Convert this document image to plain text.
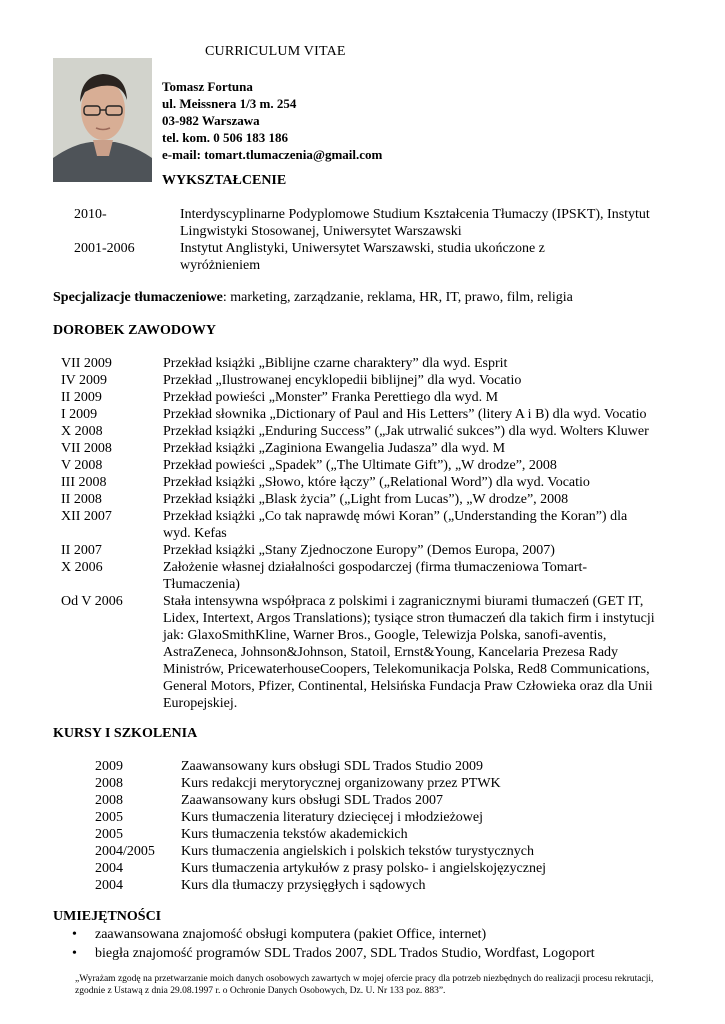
CURRICULUM VITAE
Tomasz Fortuna
ul. Meissnera 1/3 m. 254
03-982 Warszawa
tel. kom. 0 506 183 186
e-mail: tomart.tlumaczenia@gmail.com
WYKSZTAŁCENIE
2010-	Interdyscyplinarne Podyplomowe Studium Kształcenia Tłumaczy (IPSKT), Instytut Lingwistyki Stosowanej, Uniwersytet Warszawski
2001-2006	Instytut Anglistyki, Uniwersytet Warszawski, studia ukończone z wyróżnieniem
Specjalizacje tłumaczeniowe: marketing, zarządzanie, reklama, HR, IT, prawo, film, religia
DOROBEK ZAWODOWY
VII 2009	Przekład książki „Biblijne czarne charaktery” dla wyd. Esprit
IV 2009	Przekład „Ilustrowanej encyklopedii biblijnej” dla wyd. Vocatio
II 2009	Przekład powieści „Monster” Franka Perettiego dla wyd. M
I 2009	Przekład słownika „Dictionary of Paul and His Letters” (litery A i B) dla wyd. Vocatio
X 2008	Przekład książki „Enduring Success” („Jak utrwalić sukces”) dla wyd. Wolters Kluwer
VII 2008	Przekład książki „Zaginiona Ewangelia Judasza” dla wyd. M
V 2008	Przekład powieści „Spadek” („The Ultimate Gift”), „W drodze”, 2008
III 2008	Przekład książki „Słowo, które łączy” („Relational Word”) dla wyd. Vocatio
II 2008	Przekład książki „Blask życia” („Light from Lucas”), „W drodze”, 2008
XII 2007	Przekład książki „Co tak naprawdę mówi Koran” („Understanding the Koran”) dla wyd. Kefas
II 2007	Przekład książki „Stany Zjednoczone Europy” (Demos Europa, 2007)
X 2006	Założenie własnej działalności gospodarczej (firma tłumaczeniowa Tomart-Tłumaczenia)
Od V 2006	Stała intensywna współpraca z polskimi i zagranicznymi biurami tłumaczeń (GET IT, Lidex, Intertext, Argos Translations); tysiące stron tłumaczeń dla takich firm i instytucji jak: GlaxoSmithKline, Warner Bros., Google, Telewizja Polska, sanofi-aventis, AstraZeneca, Johnson&Johnson, Statoil, Ernst&Young, Kancelaria Prezesa Rady Ministrów, PricewaterhouseCoopers, Telekomunikacja Polska, Red8 Communications, General Motors, Pfizer, Continental, Helsińska Fundacja Praw Człowieka oraz dla Unii Europejskiej.
KURSY I SZKOLENIA
2009	Zaawansowany kurs obsługi SDL Trados Studio 2009
2008	Kurs redakcji merytorycznej organizowany przez PTWK
2008	Zaawansowany kurs obsługi SDL Trados 2007
2005	Kurs tłumaczenia literatury dziecięcej i młodzieżowej
2005	Kurs tłumaczenia tekstów akademickich
2004/2005 Kurs tłumaczenia angielskich i polskich tekstów turystycznych
2004	Kurs tłumaczenia artykułów z prasy polsko- i angielskojęzycznej
2004	Kurs dla tłumaczy przysięgłych i sądowych
UMIEJĘTNOŚCI
• zaawansowana znajomość obsługi komputera (pakiet Office, internet)
• biegła znajomość programów SDL Trados 2007, SDL Trados Studio, Wordfast, Logoport
„Wyrażam zgodę na przetwarzanie moich danych osobowych zawartych w mojej ofercie pracy dla potrzeb niezbędnych do realizacji procesu rekrutacji, zgodnie z Ustawą z dnia 29.08.1997 r. o Ochronie Danych Osobowych, Dz. U. Nr 133 poz. 883”.
